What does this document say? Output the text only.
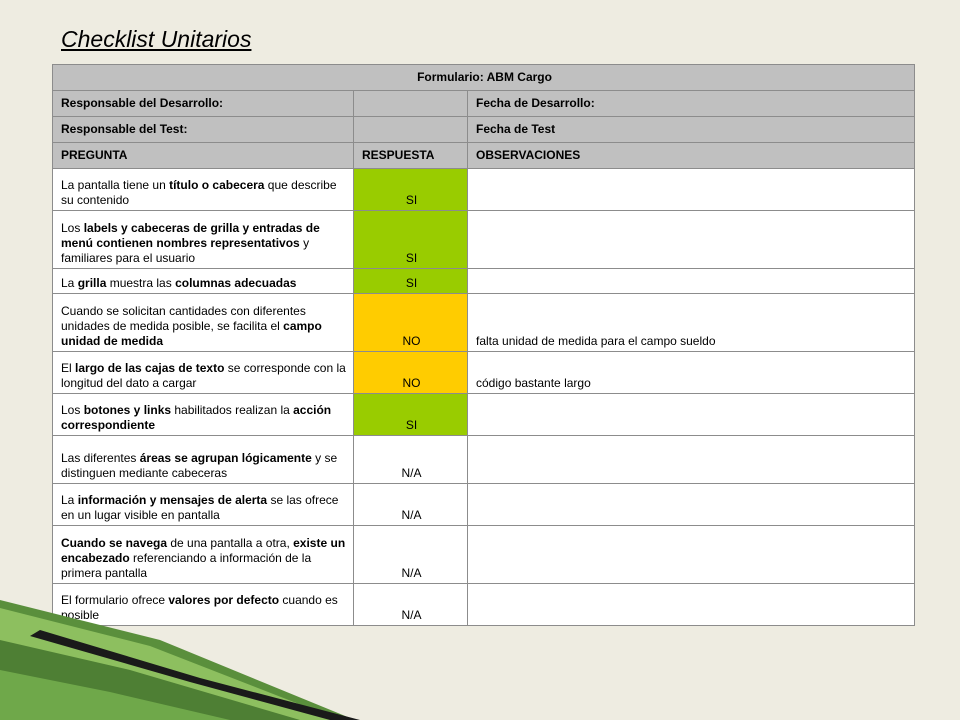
Checklist Unitarios
Formulario: ABM Cargo		
Responsable del Desarrollo:		Fecha de Desarrollo:
Responsable del Test:		Fecha de Test
PREGUNTA	RESPUESTA	OBSERVACIONES
La pantalla tiene un título o cabecera que describe su contenido	SI	
Los labels y cabeceras de grilla y entradas de menú contienen nombres representativos y familiares para el usuario	SI	
La grilla muestra las columnas adecuadas	SI	
Cuando se solicitan cantidades con diferentes unidades de medida posible, se facilita el campo unidad de medida	NO	falta unidad de medida para el campo sueldo
El largo de las cajas de texto se corresponde con la longitud del dato a cargar	NO	código bastante largo
Los botones y links habilitados realizan la acción correspondiente	SI	
Las diferentes áreas se agrupan lógicamente y se distinguen mediante cabeceras	N/A	
La información y mensajes de alerta se las ofrece en un lugar visible en pantalla	N/A	
Cuando se navega de una pantalla a otra, existe un encabezado referenciando a información de la primera pantalla	N/A	
El formulario ofrece valores por defecto cuando es posible	N/A	
